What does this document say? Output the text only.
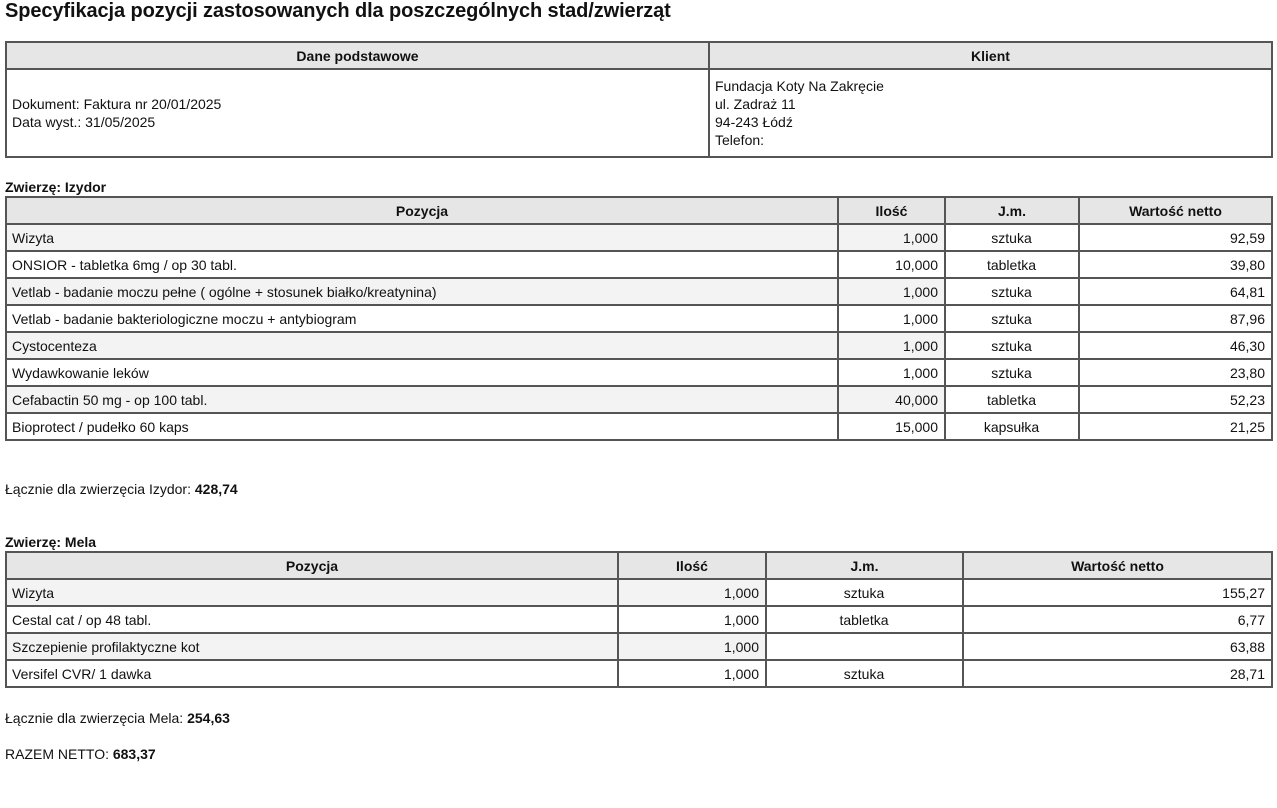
Specyfikacja pozycji zastosowanych dla poszczególnych stad/zwierząt
Dane podstawowe	Klient

Dokument: Faktura nr 20/01/2025
Data wyst.: 31/05/2025	Fundacja Koty Na Zakręcie
ul. Zadraż 11
94-243 Łódź
Telefon:
Zwierzę: Izydor
Pozycja	Ilość	J.m.	Wartość netto
Wizyta	1,000	sztuka	92,59
ONSIOR - tabletka 6mg / op 30 tabl.	10,000	tabletka	39,80
Vetlab - badanie moczu pełne ( ogólne + stosunek białko/kreatynina)	1,000	sztuka	64,81
Vetlab - badanie bakteriologiczne moczu + antybiogram	1,000	sztuka	87,96
Cystocenteza	1,000	sztuka	46,30
Wydawkowanie leków	1,000	sztuka	23,80
Cefabactin 50 mg - op 100 tabl.	40,000	tabletka	52,23
Bioprotect / pudełko 60 kaps	15,000	kapsułka	21,25
Łącznie dla zwierzęcia Izydor: 428,74
Zwierzę: Mela
Pozycja	Ilość	J.m.	Wartość netto
Wizyta	1,000	sztuka	155,27
Cestal cat / op 48 tabl.	1,000	tabletka	6,77
Szczepienie profilaktyczne kot	1,000		63,88
Versifel CVR/ 1 dawka	1,000	sztuka	28,71
Łącznie dla zwierzęcia Mela: 254,63
RAZEM NETTO: 683,37
